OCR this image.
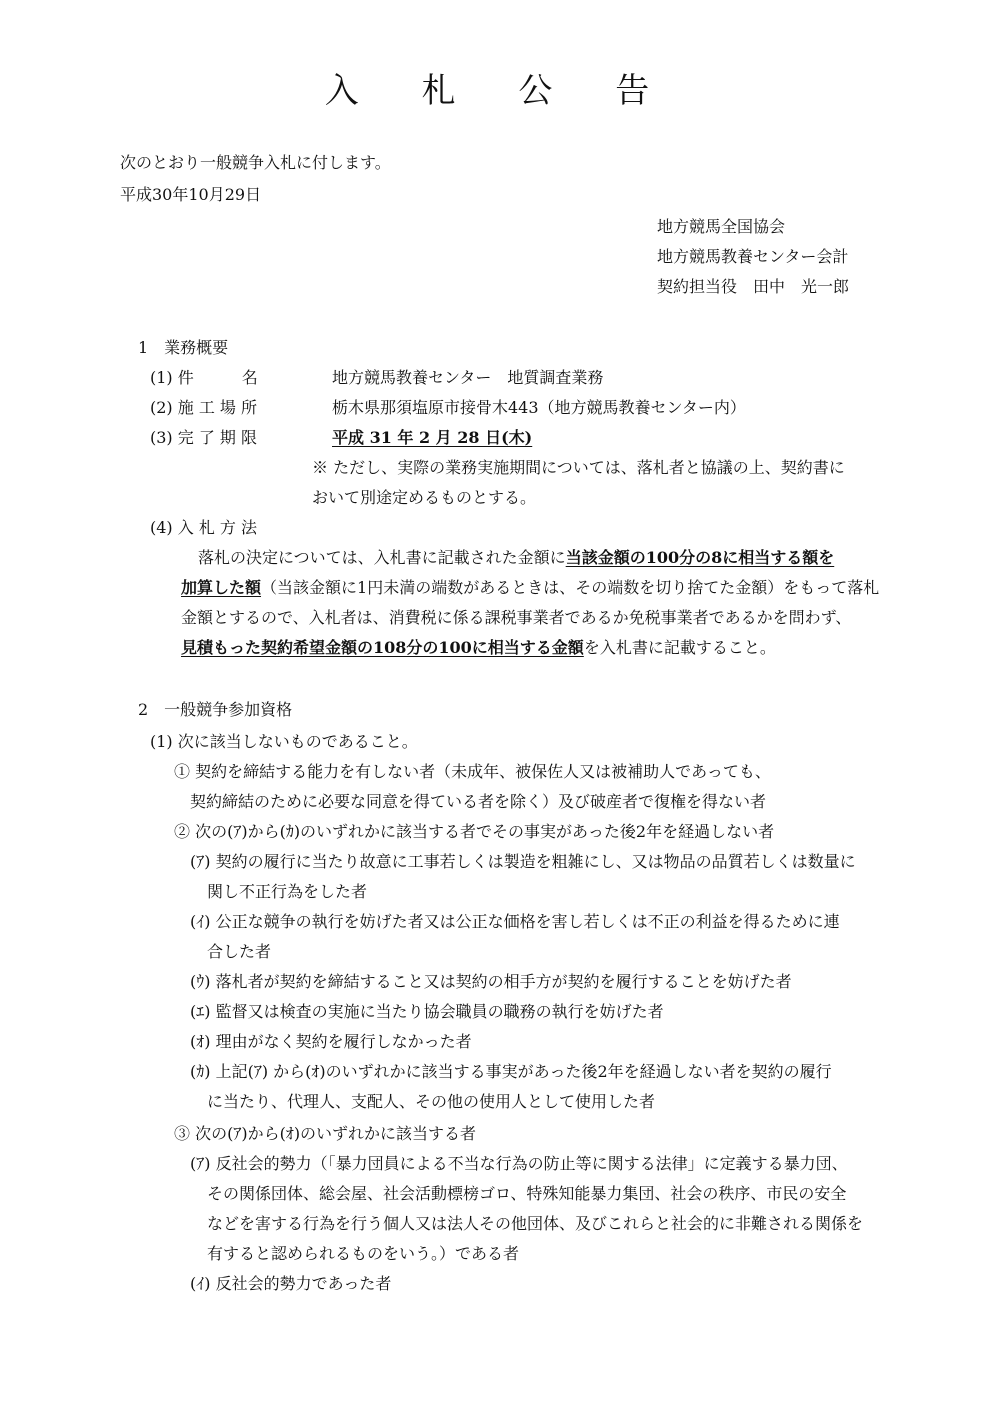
入 札 公 告
次のとおり一般競争入札に付します。
平成30年10月29日
地方競馬全国協会
地方競馬教養センター会計
契約担当役　田中　光一郎
1　業務概要
(1) 件　　　名	地方競馬教養センター　地質調査業務
(2) 施 工 場 所	栃木県那須塩原市接骨木443（地方競馬教養センター内）
(3) 完 了 期 限	平成 31 年 2 月 28 日(木)
※ ただし、実際の業務実施期間については、落札者と協議の上、契約書に
おいて別途定めるものとする。
(4) 入 札 方 法
落札の決定については、入札書に記載された金額に当該金額の100分の8に相当する額を
加算した額（当該金額に1円未満の端数があるときは、その端数を切り捨てた金額）をもって落札
金額とするので、入札者は、消費税に係る課税事業者であるか免税事業者であるかを問わず、
見積もった契約希望金額の108分の100に相当する金額を入札書に記載すること。
2　一般競争参加資格
(1) 次に該当しないものであること。
① 契約を締結する能力を有しない者（未成年、被保佐人又は被補助人であっても、
契約締結のために必要な同意を得ている者を除く）及び破産者で復権を得ない者
② 次の(ｱ)から(ｶ)のいずれかに該当する者でその事実があった後2年を経過しない者
(ｱ) 契約の履行に当たり故意に工事若しくは製造を粗雑にし、又は物品の品質若しくは数量に
関し不正行為をした者
(ｲ) 公正な競争の執行を妨げた者又は公正な価格を害し若しくは不正の利益を得るために連
合した者
(ｳ) 落札者が契約を締結すること又は契約の相手方が契約を履行することを妨げた者
(ｴ) 監督又は検査の実施に当たり協会職員の職務の執行を妨げた者
(ｵ) 理由がなく契約を履行しなかった者
(ｶ) 上記(ｱ) から(ｵ)のいずれかに該当する事実があった後2年を経過しない者を契約の履行
に当たり、代理人、支配人、その他の使用人として使用した者
③ 次の(ｱ)から(ｵ)のいずれかに該当する者
(ｱ) 反社会的勢力（「暴力団員による不当な行為の防止等に関する法律」に定義する暴力団、
その関係団体、総会屋、社会活動標榜ゴロ、特殊知能暴力集団、社会の秩序、市民の安全
などを害する行為を行う個人又は法人その他団体、及びこれらと社会的に非難される関係を
有すると認められるものをいう。）である者
(ｲ) 反社会的勢力であった者
